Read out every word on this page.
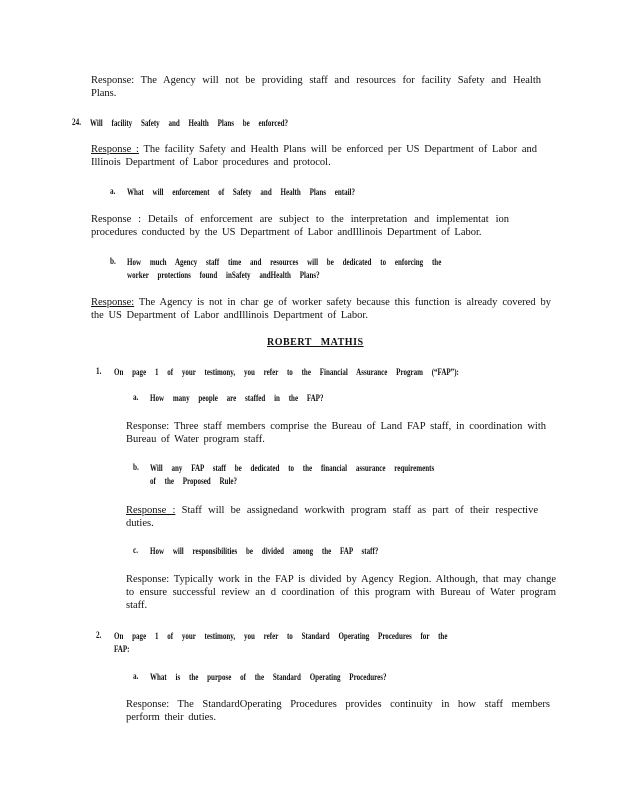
Response: The Agency will not be providing staff and resources for facility Safety and Health Plans.

24. Will facility Safety and Health Plans be enforced?

Response : The facility Safety and Health Plans will be enforced per US Department of Labor and Illinois Department of Labor procedures and protocol.

a. What will enforcement of Safety and Health Plans entail?

Response : Details of enforcement are subject to the interpretation and implementat ion procedures conducted by the US Department of Labor andIllinois Department of Labor.

b. How much Agency staff time and resources will be dedicated to enforcing the
worker protections found inSafety andHealth Plans?

Response: The Agency is not in char ge of worker safety because this function is already covered by the US Department of Labor andIllinois Department of Labor.

ROBERT MATHIS
1. On page 1 of your testimony, you refer to the Financial Assurance Program (“FAP”):
a. How many people are staffed in the FAP?

Response: Three staff members comprise the Bureau of Land FAP staff, in coordination with Bureau of Water program staff.

b. Will any FAP staff be dedicated to the financial assurance requirements
of the Proposed Rule?

Response : Staff will be assignedand workwith program staff as part of their respective duties.

c. How will responsibilities be divided among the FAP staff?

Response: Typically work in the FAP is divided by Agency Region. Although, that may change to ensure successful review an d coordination of this program with Bureau of Water program staff.

2. On page 1 of your testimony, you refer to Standard Operating Procedures for the
FAP:
a. What is the purpose of the Standard Operating Procedures?

Response: The StandardOperating Procedures provides continuity in how staff members perform their duties.
